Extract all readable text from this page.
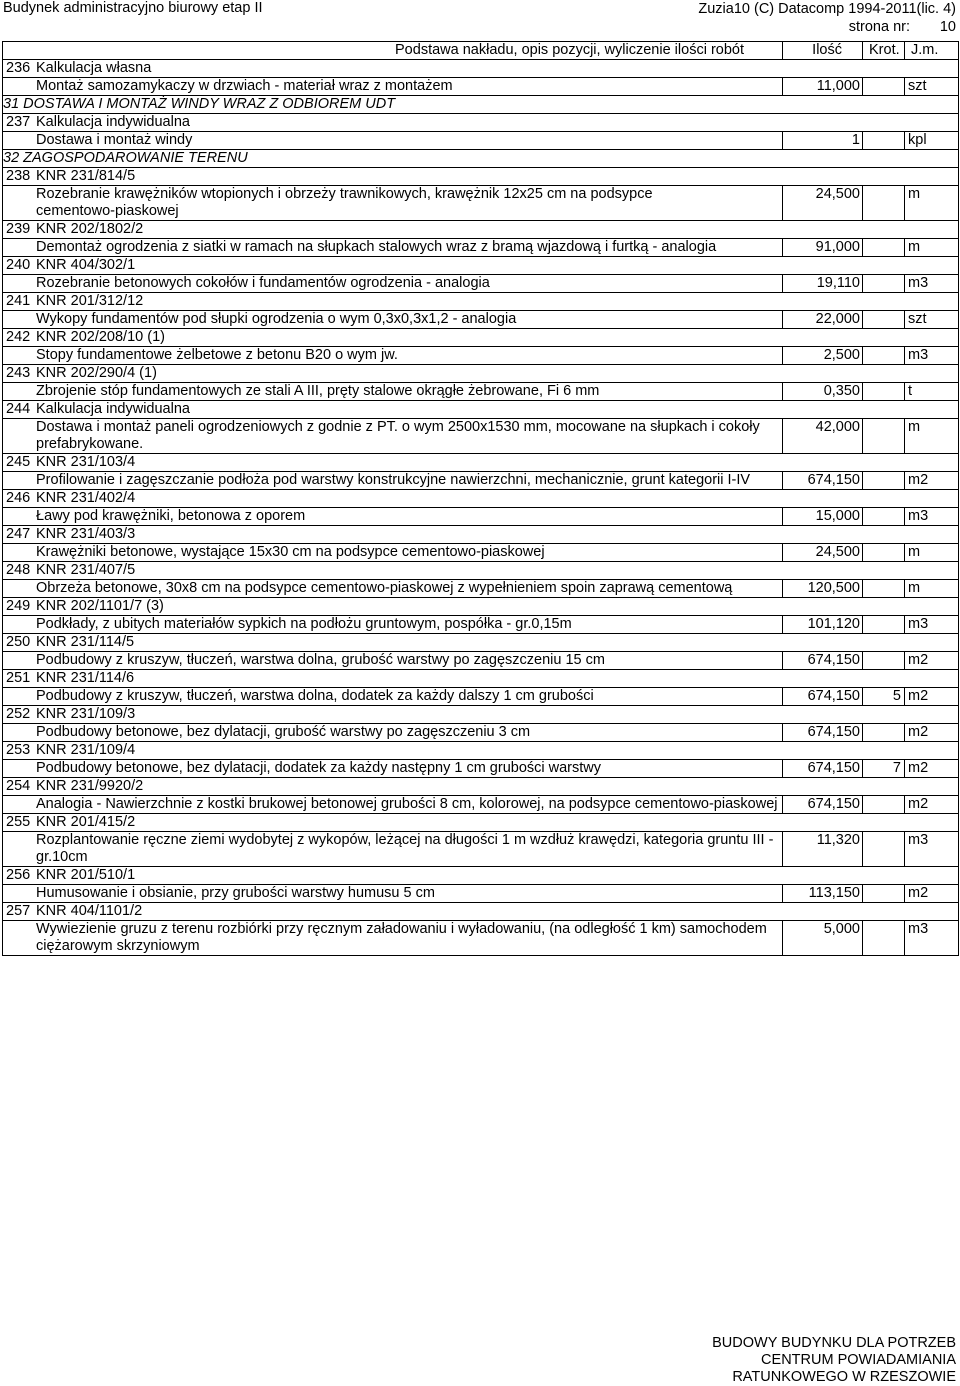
Budynek administracyjno biurowy etap II	Zuzia10 (C) Datacomp 1994-2011(lic. 4)
strona nr: 10
Podstawa nakładu, opis pozycji, wyliczenie ilości robót	Ilość	Krot.	J.m.
236 Kalkulacja własna			

Montaż samozamykaczy w drzwiach - materiał wraz z montażem	11,000		szt
31 DOSTAWA I MONTAŻ WINDY WRAZ Z ODBIOREM UDT			
237 Kalkulacja indywidualna			

Dostawa i montaż windy	1		kpl
32 ZAGOSPODAROWANIE TERENU			
238 KNR 231/814/5			

Rozebranie krawężników wtopionych i obrzeży trawnikowych, krawężnik 12x25 cm na podsypce
cementowo-piaskowej	24,500		m
239 KNR 202/1802/2			

Demontaż ogrodzenia z siatki w ramach na słupkach stalowych wraz z bramą wjazdową i furtką - analogia	91,000		m
240 KNR 404/302/1			

Rozebranie betonowych cokołów i fundamentów ogrodzenia - analogia	19,110		m3
241 KNR 201/312/12			

Wykopy fundamentów pod słupki ogrodzenia o wym 0,3x0,3x1,2 - analogia	22,000		szt
242 KNR 202/208/10 (1)			

Stopy fundamentowe żelbetowe z betonu B20 o wym jw.	2,500		m3
243 KNR 202/290/4 (1)			

Zbrojenie stóp fundamentowych ze stali A III, pręty stalowe okrągłe żebrowane, Fi 6 mm	0,350		t
244 Kalkulacja indywidualna			

Dostawa i montaż paneli ogrodzeniowych z godnie z PT. o wym 2500x1530 mm, mocowane na słupkach i cokoły
prefabrykowane.	42,000		m
245 KNR 231/103/4			

Profilowanie i zagęszczanie podłoża pod warstwy konstrukcyjne nawierzchni, mechanicznie, grunt kategorii I-IV	674,150		m2
246 KNR 231/402/4			

Ławy pod krawężniki, betonowa z oporem	15,000		m3
247 KNR 231/403/3			

Krawężniki betonowe, wystające 15x30 cm na podsypce cementowo-piaskowej	24,500		m
248 KNR 231/407/5			

Obrzeża betonowe, 30x8 cm na podsypce cementowo-piaskowej z wypełnieniem spoin zaprawą cementową	120,500		m
249 KNR 202/1101/7 (3)			

Podkłady, z ubitych materiałów sypkich na podłożu gruntowym, pospółka - gr.0,15m	101,120		m3
250 KNR 231/114/5			

Podbudowy z kruszyw, tłuczeń, warstwa dolna, grubość warstwy po zagęszczeniu 15 cm	674,150		m2
251 KNR 231/114/6			

Podbudowy z kruszyw, tłuczeń, warstwa dolna, dodatek za każdy dalszy 1 cm grubości	674,150	5	m2
252 KNR 231/109/3			

Podbudowy betonowe, bez dylatacji, grubość warstwy po zagęszczeniu 3 cm	674,150		m2
253 KNR 231/109/4			

Podbudowy betonowe, bez dylatacji, dodatek za każdy następny 1 cm grubości warstwy	674,150	7	m2
254 KNR 231/9920/2			

Analogia - Nawierzchnie z kostki brukowej betonowej grubości 8 cm, kolorowej, na podsypce cementowo-piaskowej	674,150		m2
255 KNR 201/415/2			

Rozplantowanie ręczne ziemi wydobytej z wykopów, leżącej na długości 1 m wzdłuż krawędzi, kategoria gruntu III -
gr.10cm	11,320		m3
256 KNR 201/510/1			

Humusowanie i obsianie, przy grubości warstwy humusu 5 cm	113,150		m2
257 KNR 404/1101/2			

Wywiezienie gruzu z terenu rozbiórki przy ręcznym załadowaniu i wyładowaniu, (na odległość 1 km) samochodem
ciężarowym skrzyniowym	5,000		m3
BUDOWY BUDYNKU DLA POTRZEB
CENTRUM POWIADAMIANIA
RATUNKOWEGO W RZESZOWIE
